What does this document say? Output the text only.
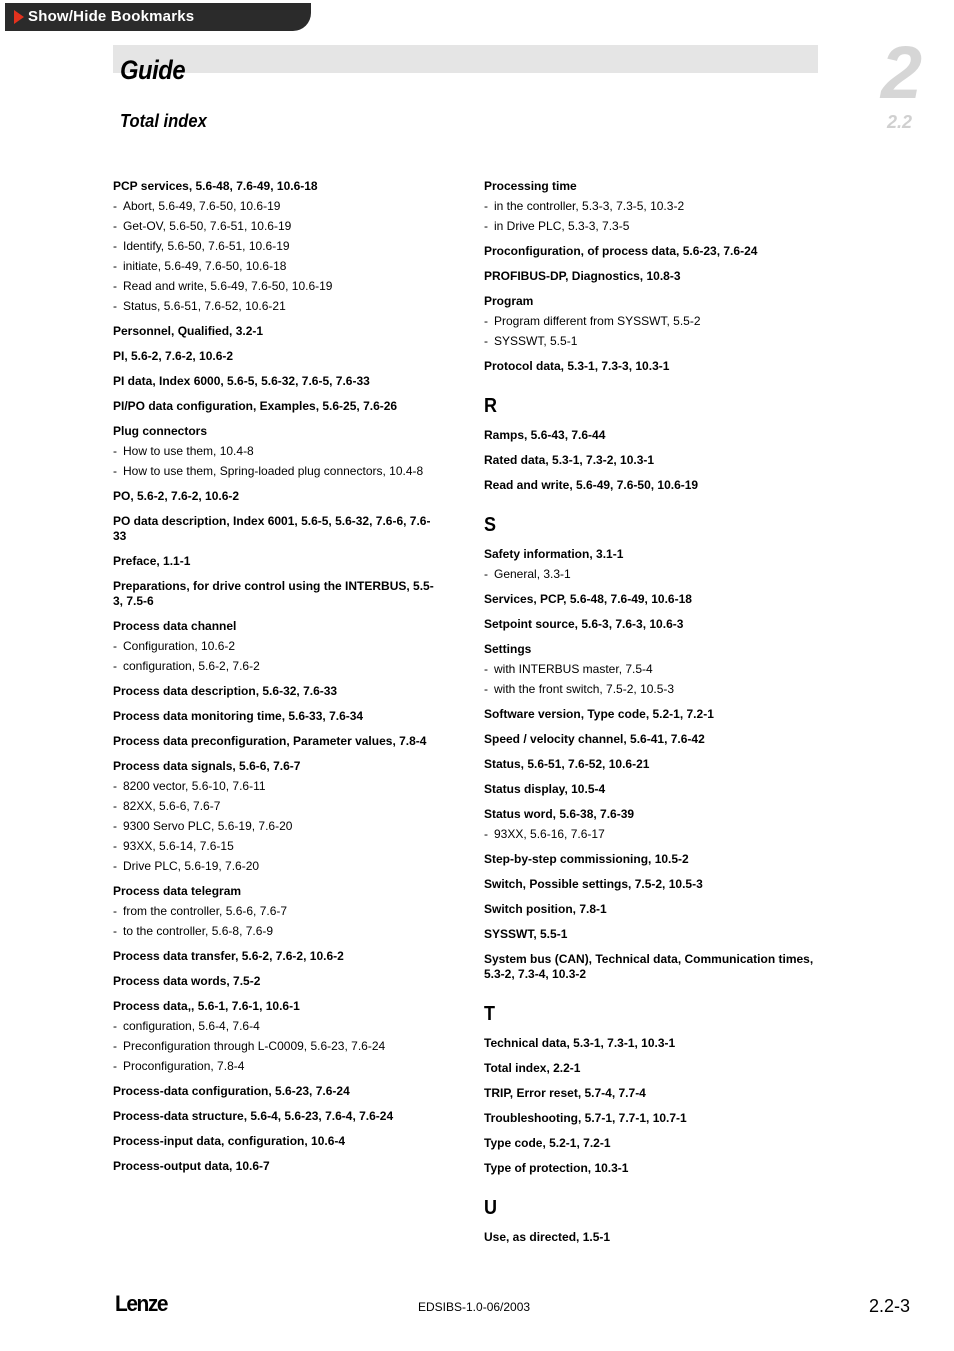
Show/Hide Bookmarks
Guide
Total index
2
2.2
PCP services, 5.6-48, 7.6-49, 10.6-18
- Abort, 5.6-49, 7.6-50, 10.6-19
- Get-OV, 5.6-50, 7.6-51, 10.6-19
- Identify, 5.6-50, 7.6-51, 10.6-19
- initiate, 5.6-49, 7.6-50, 10.6-18
- Read and write, 5.6-49, 7.6-50, 10.6-19
- Status, 5.6-51, 7.6-52, 10.6-21
Personnel, Qualified, 3.2-1
PI, 5.6-2, 7.6-2, 10.6-2
PI data, Index 6000, 5.6-5, 5.6-32, 7.6-5, 7.6-33
PI/PO data configuration, Examples, 5.6-25, 7.6-26
Plug connectors
- How to use them, 10.4-8
- How to use them, Spring-loaded plug connectors, 10.4-8
PO, 5.6-2, 7.6-2, 10.6-2
PO data description, Index 6001, 5.6-5, 5.6-32, 7.6-6, 7.6-33
Preface, 1.1-1
Preparations, for drive control using the INTERBUS, 5.5-3, 7.5-6
Process data channel
- Configuration, 10.6-2
- configuration, 5.6-2, 7.6-2
Process data description, 5.6-32, 7.6-33
Process data monitoring time, 5.6-33, 7.6-34
Process data preconfiguration, Parameter values, 7.8-4
Process data signals, 5.6-6, 7.6-7
- 8200 vector, 5.6-10, 7.6-11
- 82XX, 5.6-6, 7.6-7
- 9300 Servo PLC, 5.6-19, 7.6-20
- 93XX, 5.6-14, 7.6-15
- Drive PLC, 5.6-19, 7.6-20
Process data telegram
- from the controller, 5.6-6, 7.6-7
- to the controller, 5.6-8, 7.6-9
Process data transfer, 5.6-2, 7.6-2, 10.6-2
Process data words, 7.5-2
Process data,, 5.6-1, 7.6-1, 10.6-1
- configuration, 5.6-4, 7.6-4
- Preconfiguration through L-C0009, 5.6-23, 7.6-24
- Proconfiguration, 7.8-4
Process-data configuration, 5.6-23, 7.6-24
Process-data structure, 5.6-4, 5.6-23, 7.6-4, 7.6-24
Process-input data, configuration, 10.6-4
Process-output data, 10.6-7
Processing time
- in the controller, 5.3-3, 7.3-5, 10.3-2
- in Drive PLC, 5.3-3, 7.3-5
Proconfiguration, of process data, 5.6-23, 7.6-24
PROFIBUS-DP, Diagnostics, 10.8-3
Program
- Program different from SYSSWT, 5.5-2
- SYSSWT, 5.5-1
Protocol data, 5.3-1, 7.3-3, 10.3-1
R
Ramps, 5.6-43, 7.6-44
Rated data, 5.3-1, 7.3-2, 10.3-1
Read and write, 5.6-49, 7.6-50, 10.6-19
S
Safety information, 3.1-1
- General, 3.3-1
Services, PCP, 5.6-48, 7.6-49, 10.6-18
Setpoint source, 5.6-3, 7.6-3, 10.6-3
Settings
- with INTERBUS master, 7.5-4
- with the front switch, 7.5-2, 10.5-3
Software version, Type code, 5.2-1, 7.2-1
Speed / velocity channel, 5.6-41, 7.6-42
Status, 5.6-51, 7.6-52, 10.6-21
Status display, 10.5-4
Status word, 5.6-38, 7.6-39
- 93XX, 5.6-16, 7.6-17
Step-by-step commissioning, 10.5-2
Switch, Possible settings, 7.5-2, 10.5-3
Switch position, 7.8-1
SYSSWT, 5.5-1
System bus (CAN), Technical data, Communication times, 5.3-2, 7.3-4, 10.3-2
T
Technical data, 5.3-1, 7.3-1, 10.3-1
Total index, 2.2-1
TRIP, Error reset, 5.7-4, 7.7-4
Troubleshooting, 5.7-1, 7.7-1, 10.7-1
Type code, 5.2-1, 7.2-1
Type of protection, 10.3-1
U
Use, as directed, 1.5-1
Lenze	EDSIBS-1.0-06/2003	2.2-3
